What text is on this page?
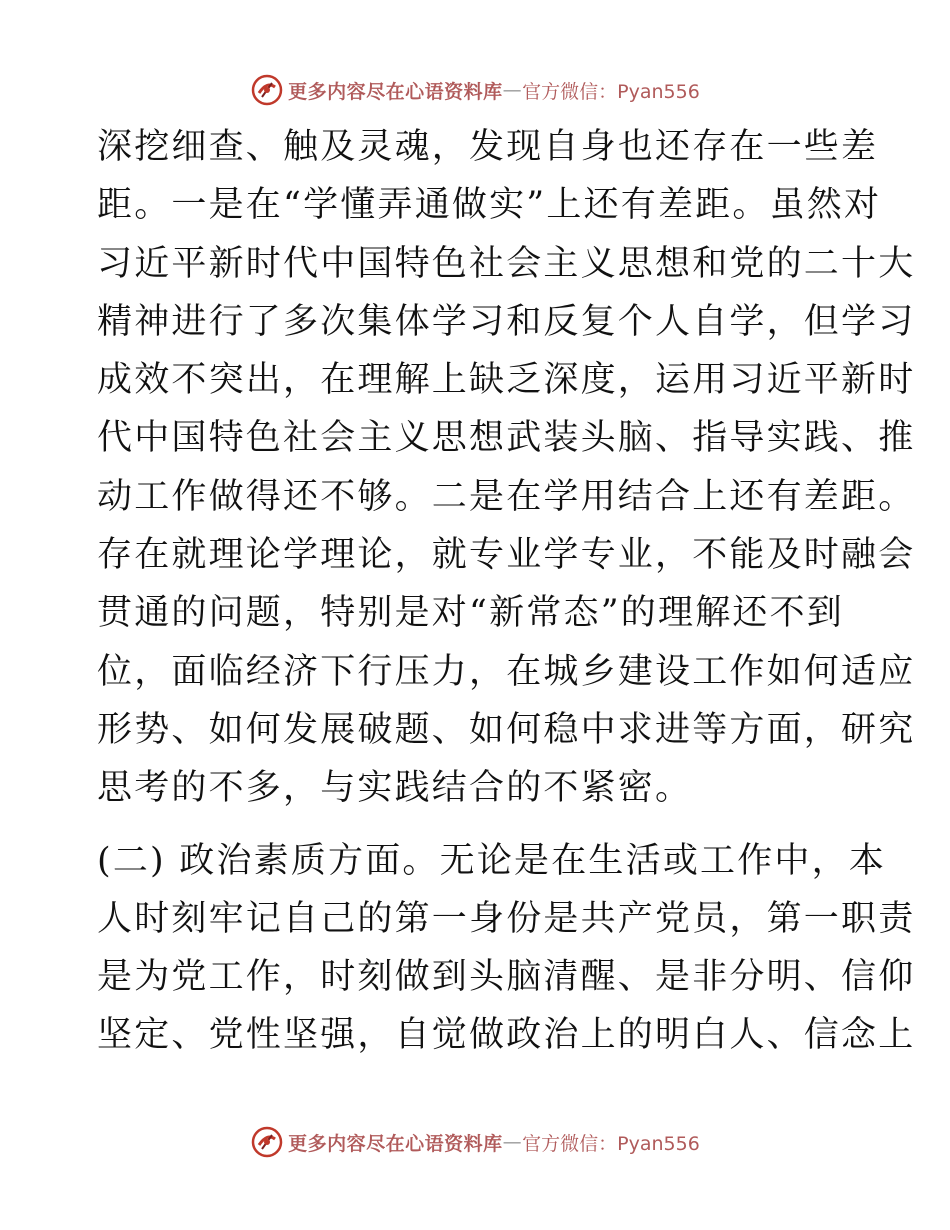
更多内容尽在心语资料库 — 官方微信：Pyan556
深挖细查、触及灵魂，发现自身也还存在一些差
距。一是在“学懂弄通做实”上还有差距。虽然对
习近平新时代中国特色社会主义思想和党的二十大
精神进行了多次集体学习和反复个人自学，但学习
成效不突出，在理解上缺乏深度，运用习近平新时
代中国特色社会主义思想武装头脑、指导实践、推
动工作做得还不够。二是在学用结合上还有差距。
存在就理论学理论，就专业学专业，不能及时融会
贯通的问题，特别是对“新常态”的理解还不到
位，面临经济下行压力，在城乡建设工作如何适应
形势、如何发展破题、如何稳中求进等方面，研究
思考的不多，与实践结合的不紧密。
(二) 政治素质方面。无论是在生活或工作中，本
人时刻牢记自己的第一身份是共产党员，第一职责
是为党工作，时刻做到头脑清醒、是非分明、信仰
坚定、党性坚强，自觉做政治上的明白人、信念上
更多内容尽在心语资料库 — 官方微信：Pyan556
